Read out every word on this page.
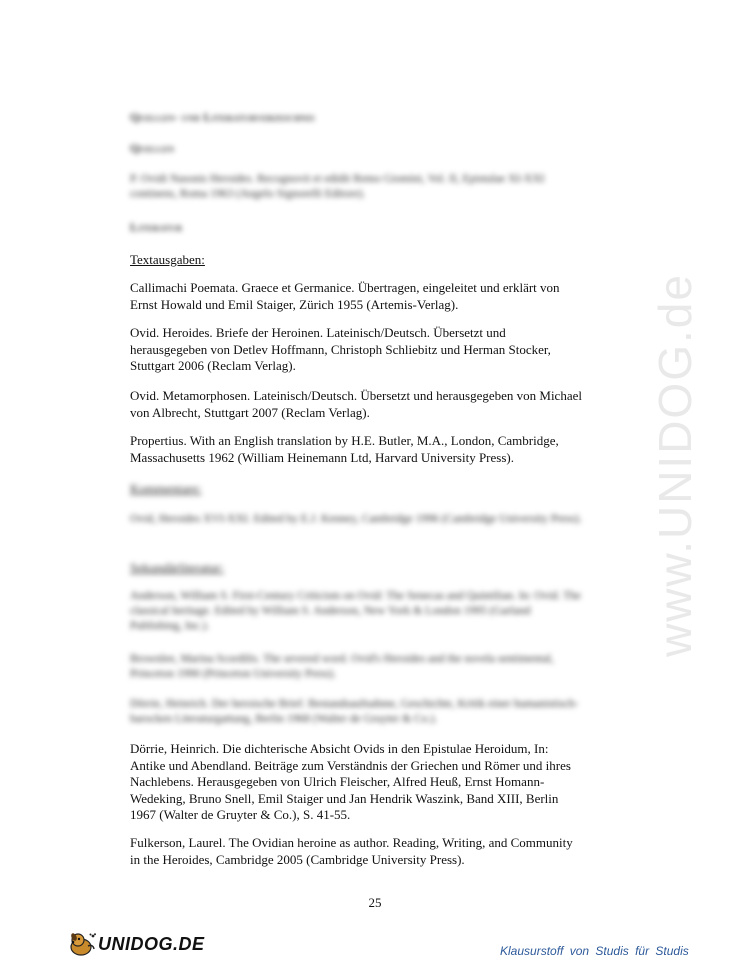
www.UNIDOG.de
Quellen- und Literaturverzeichnis
Quellen
P. Ovidi Nasonis Heroides. Recognovit et edidit Remo Giomini, Vol. II, Epistulae XI-XXI continens, Roma 1963 (Angelo Signorelli Editore).
Literatur
Textausgaben:
Callimachi Poemata. Graece et Germanice. Übertragen, eingeleitet und erklärt von Ernst Howald und Emil Staiger, Zürich 1955 (Artemis-Verlag).
Ovid. Heroides. Briefe der Heroinen. Lateinisch/Deutsch. Übersetzt und herausgegeben von Detlev Hoffmann, Christoph Schliebitz und Herman Stocker, Stuttgart 2006 (Reclam Verlag).
Ovid. Metamorphosen. Lateinisch/Deutsch. Übersetzt und herausgegeben von Michael von Albrecht, Stuttgart 2007 (Reclam Verlag).
Propertius. With an English translation by H.E. Butler, M.A., London, Cambridge, Massachusetts 1962 (William Heinemann Ltd, Harvard University Press).
Kommentare:
Ovid, Heroides XVI-XXI. Edited by E.J. Kenney, Cambridge 1996 (Cambridge University Press).
Sekundärliteratur:
Anderson, William S. First-Century Criticism on Ovid: The Senecas and Quintilian. In: Ovid. The classical heritage. Edited by William S. Anderson, New York & London 1995 (Garland Publishing, Inc.).
Brownlee, Marina Scordilis. The severed word. Ovid's Heroides and the novela sentimental, Princeton 1990 (Princeton University Press).
Dörrie, Heinrich. Der heroische Brief. Bestandsaufnahme, Geschichte, Kritik einer humanistisch-barocken Literaturgattung, Berlin 1968 (Walter de Gruyter & Co.).
Dörrie, Heinrich. Die dichterische Absicht Ovids in den Epistulae Heroidum, In: Antike und Abendland. Beiträge zum Verständnis der Griechen und Römer und ihres Nachlebens. Herausgegeben von Ulrich Fleischer, Alfred Heuß, Ernst Homann-Wedeking, Bruno Snell, Emil Staiger und Jan Hendrik Waszink, Band XIII, Berlin 1967 (Walter de Gruyter & Co.), S. 41-55.
Fulkerson, Laurel. The Ovidian heroine as author. Reading, Writing, and Community in the Heroides, Cambridge 2005 (Cambridge University Press).
25
UNIDOG.DE	Klausurstoff von Studis für Studis
